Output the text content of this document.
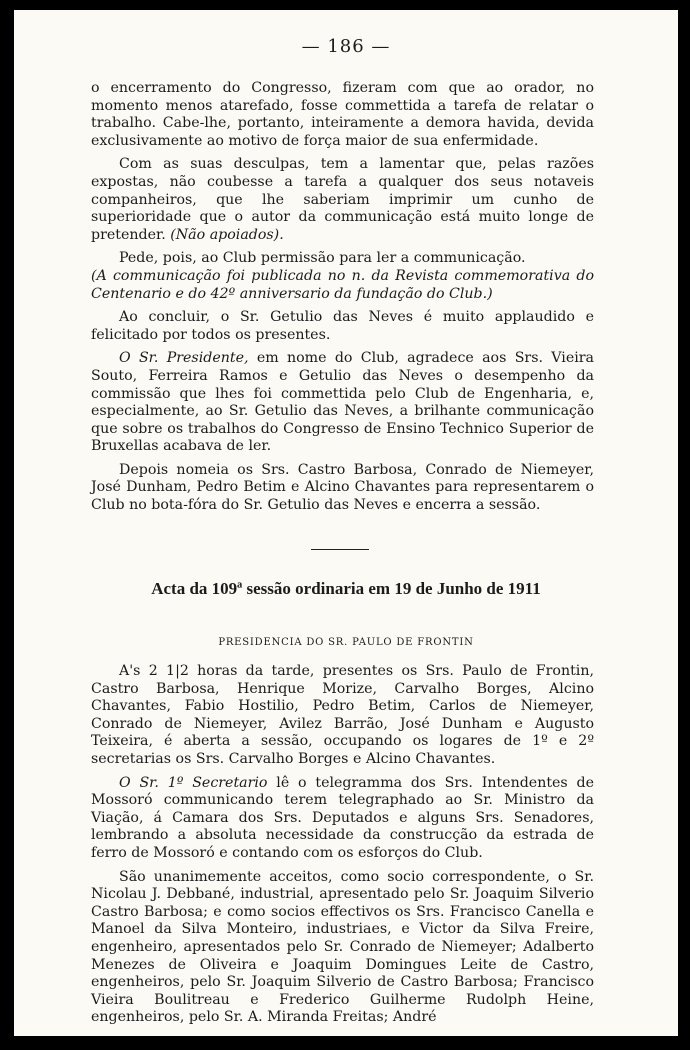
— 186 —

o encerramento do Congresso, fizeram com que ao orador, no momento menos atarefado, fosse commettida a tarefa de relatar o trabalho. Cabe-lhe, portanto, inteiramente a demora havida, devida exclusivamente ao motivo de força maior de sua enfermidade.

Com as suas desculpas, tem a lamentar que, pelas razões expostas, não coubesse a tarefa a qualquer dos seus notaveis companheiros, que lhe saberiam imprimir um cunho de superioridade que o autor da communicação está muito longe de pretender. (Não apoiados).

Pede, pois, ao Club permissão para ler a communicação.
(A communicação foi publicada no n. da Revista commemorativa do Centenario e do 42º anniversario da fundação do Club.)

Ao concluir, o Sr. Getulio das Neves é muito applaudido e felicitado por todos os presentes.

O Sr. Presidente, em nome do Club, agradece aos Srs. Vieira Souto, Ferreira Ramos e Getulio das Neves o desempenho da commissão que lhes foi commettida pelo Club de Engenharia, e, especialmente, ao Sr. Getulio das Neves, a brilhante communicação que sobre os trabalhos do Congresso de Ensino Technico Superior de Bruxellas acabava de ler.

Depois nomeia os Srs. Castro Barbosa, Conrado de Niemeyer, José Dunham, Pedro Betim e Alcino Chavantes para representarem o Club no bota-fóra do Sr. Getulio das Neves e encerra a sessão.

Acta da 109ª sessão ordinaria em 19 de Junho de 1911
PRESIDENCIA DO SR. PAULO DE FRONTIN

A's 2 1|2 horas da tarde, presentes os Srs. Paulo de Frontin, Castro Barbosa, Henrique Morize, Carvalho Borges, Alcino Chavantes, Fabio Hostilio, Pedro Betim, Carlos de Niemeyer, Conrado de Niemeyer, Avilez Barrão, José Dunham e Augusto Teixeira, é aberta a sessão, occupando os logares de 1º e 2º secretarias os Srs. Carvalho Borges e Alcino Chavantes.

O Sr. 1º Secretario lê o telegramma dos Srs. Intendentes de Mossoró communicando terem telegraphado ao Sr. Ministro da Viação, á Camara dos Srs. Deputados e alguns Srs. Senadores, lembrando a absoluta necessidade da construcção da estrada de ferro de Mossoró e contando com os esforços do Club.

São unanimemente acceitos, como socio correspondente, o Sr. Nicolau J. Debbané, industrial, apresentado pelo Sr. Joaquim Silverio Castro Barbosa; e como socios effectivos os Srs. Francisco Canella e Manoel da Silva Monteiro, industriaes, e Victor da Silva Freire, engenheiro, apresentados pelo Sr. Conrado de Niemeyer; Adalberto Menezes de Oliveira e Joaquim Domingues Leite de Castro, engenheiros, pelo Sr. Joaquim Silverio de Castro Barbosa; Francisco Vieira Boulitreau e Frederico Guilherme Rudolph Heine, engenheiros, pelo Sr. A. Miranda Freitas; André
